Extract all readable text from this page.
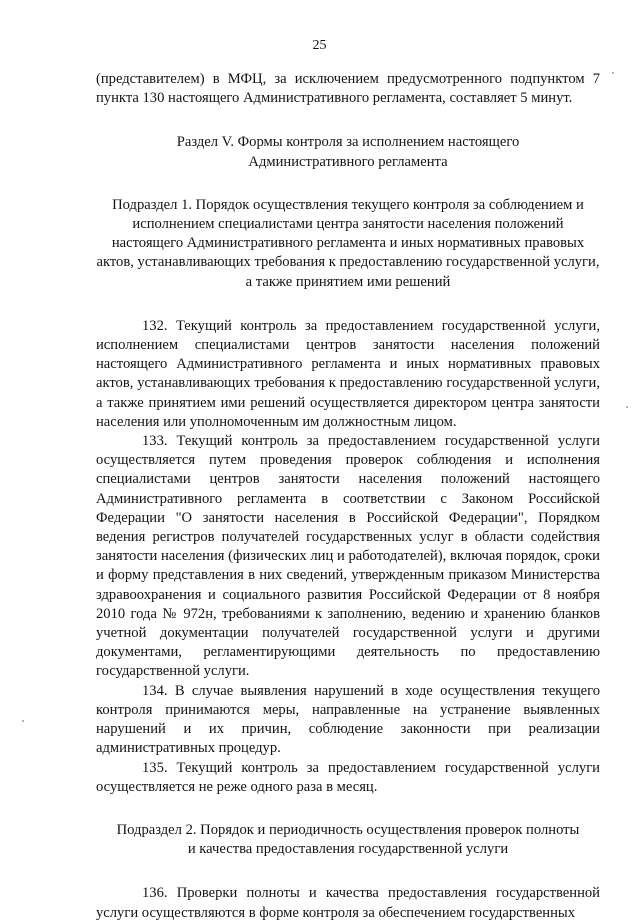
25

(представителем) в МФЦ, за исключением предусмотренного подпунктом 7 пункта 130 настоящего Административного регламента, составляет 5 минут.

Раздел V. Формы контроля за исполнением настоящего Административного регламента

Подраздел 1. Порядок осуществления текущего контроля за соблюдением и исполнением специалистами центра занятости населения положений настоящего Административного регламента и иных нормативных правовых актов, устанавливающих требования к предоставлению государственной услуги, а также принятием ими решений

132. Текущий контроль за предоставлением государственной услуги, исполнением специалистами центров занятости населения положений настоящего Административного регламента и иных нормативных правовых актов, устанавливающих требования к предоставлению государственной услуги, а также принятием ими решений осуществляется директором центра занятости населения или уполномоченным им должностным лицом.

133. Текущий контроль за предоставлением государственной услуги осуществляется путем проведения проверок соблюдения и исполнения специалистами центров занятости населения положений настоящего Административного регламента в соответствии с Законом Российской Федерации "О занятости населения в Российской Федерации", Порядком ведения регистров получателей государственных услуг в области содействия занятости населения (физических лиц и работодателей), включая порядок, сроки и форму представления в них сведений, утвержденным приказом Министерства здравоохранения и социального развития Российской Федерации от 8 ноября 2010 года № 972н, требованиями к заполнению, ведению и хранению бланков учетной документации получателей государственной услуги и другими документами, регламентирующими деятельность по предоставлению государственной услуги.

134. В случае выявления нарушений в ходе осуществления текущего контроля принимаются меры, направленные на устранение выявленных нарушений и их причин, соблюдение законности при реализации административных процедур.

135. Текущий контроль за предоставлением государственной услуги осуществляется не реже одного раза в месяц.

Подраздел 2. Порядок и периодичность осуществления проверок полноты и качества предоставления государственной услуги

136. Проверки полноты и качества предоставления государственной услуги осуществляются в форме контроля за обеспечением государственных
